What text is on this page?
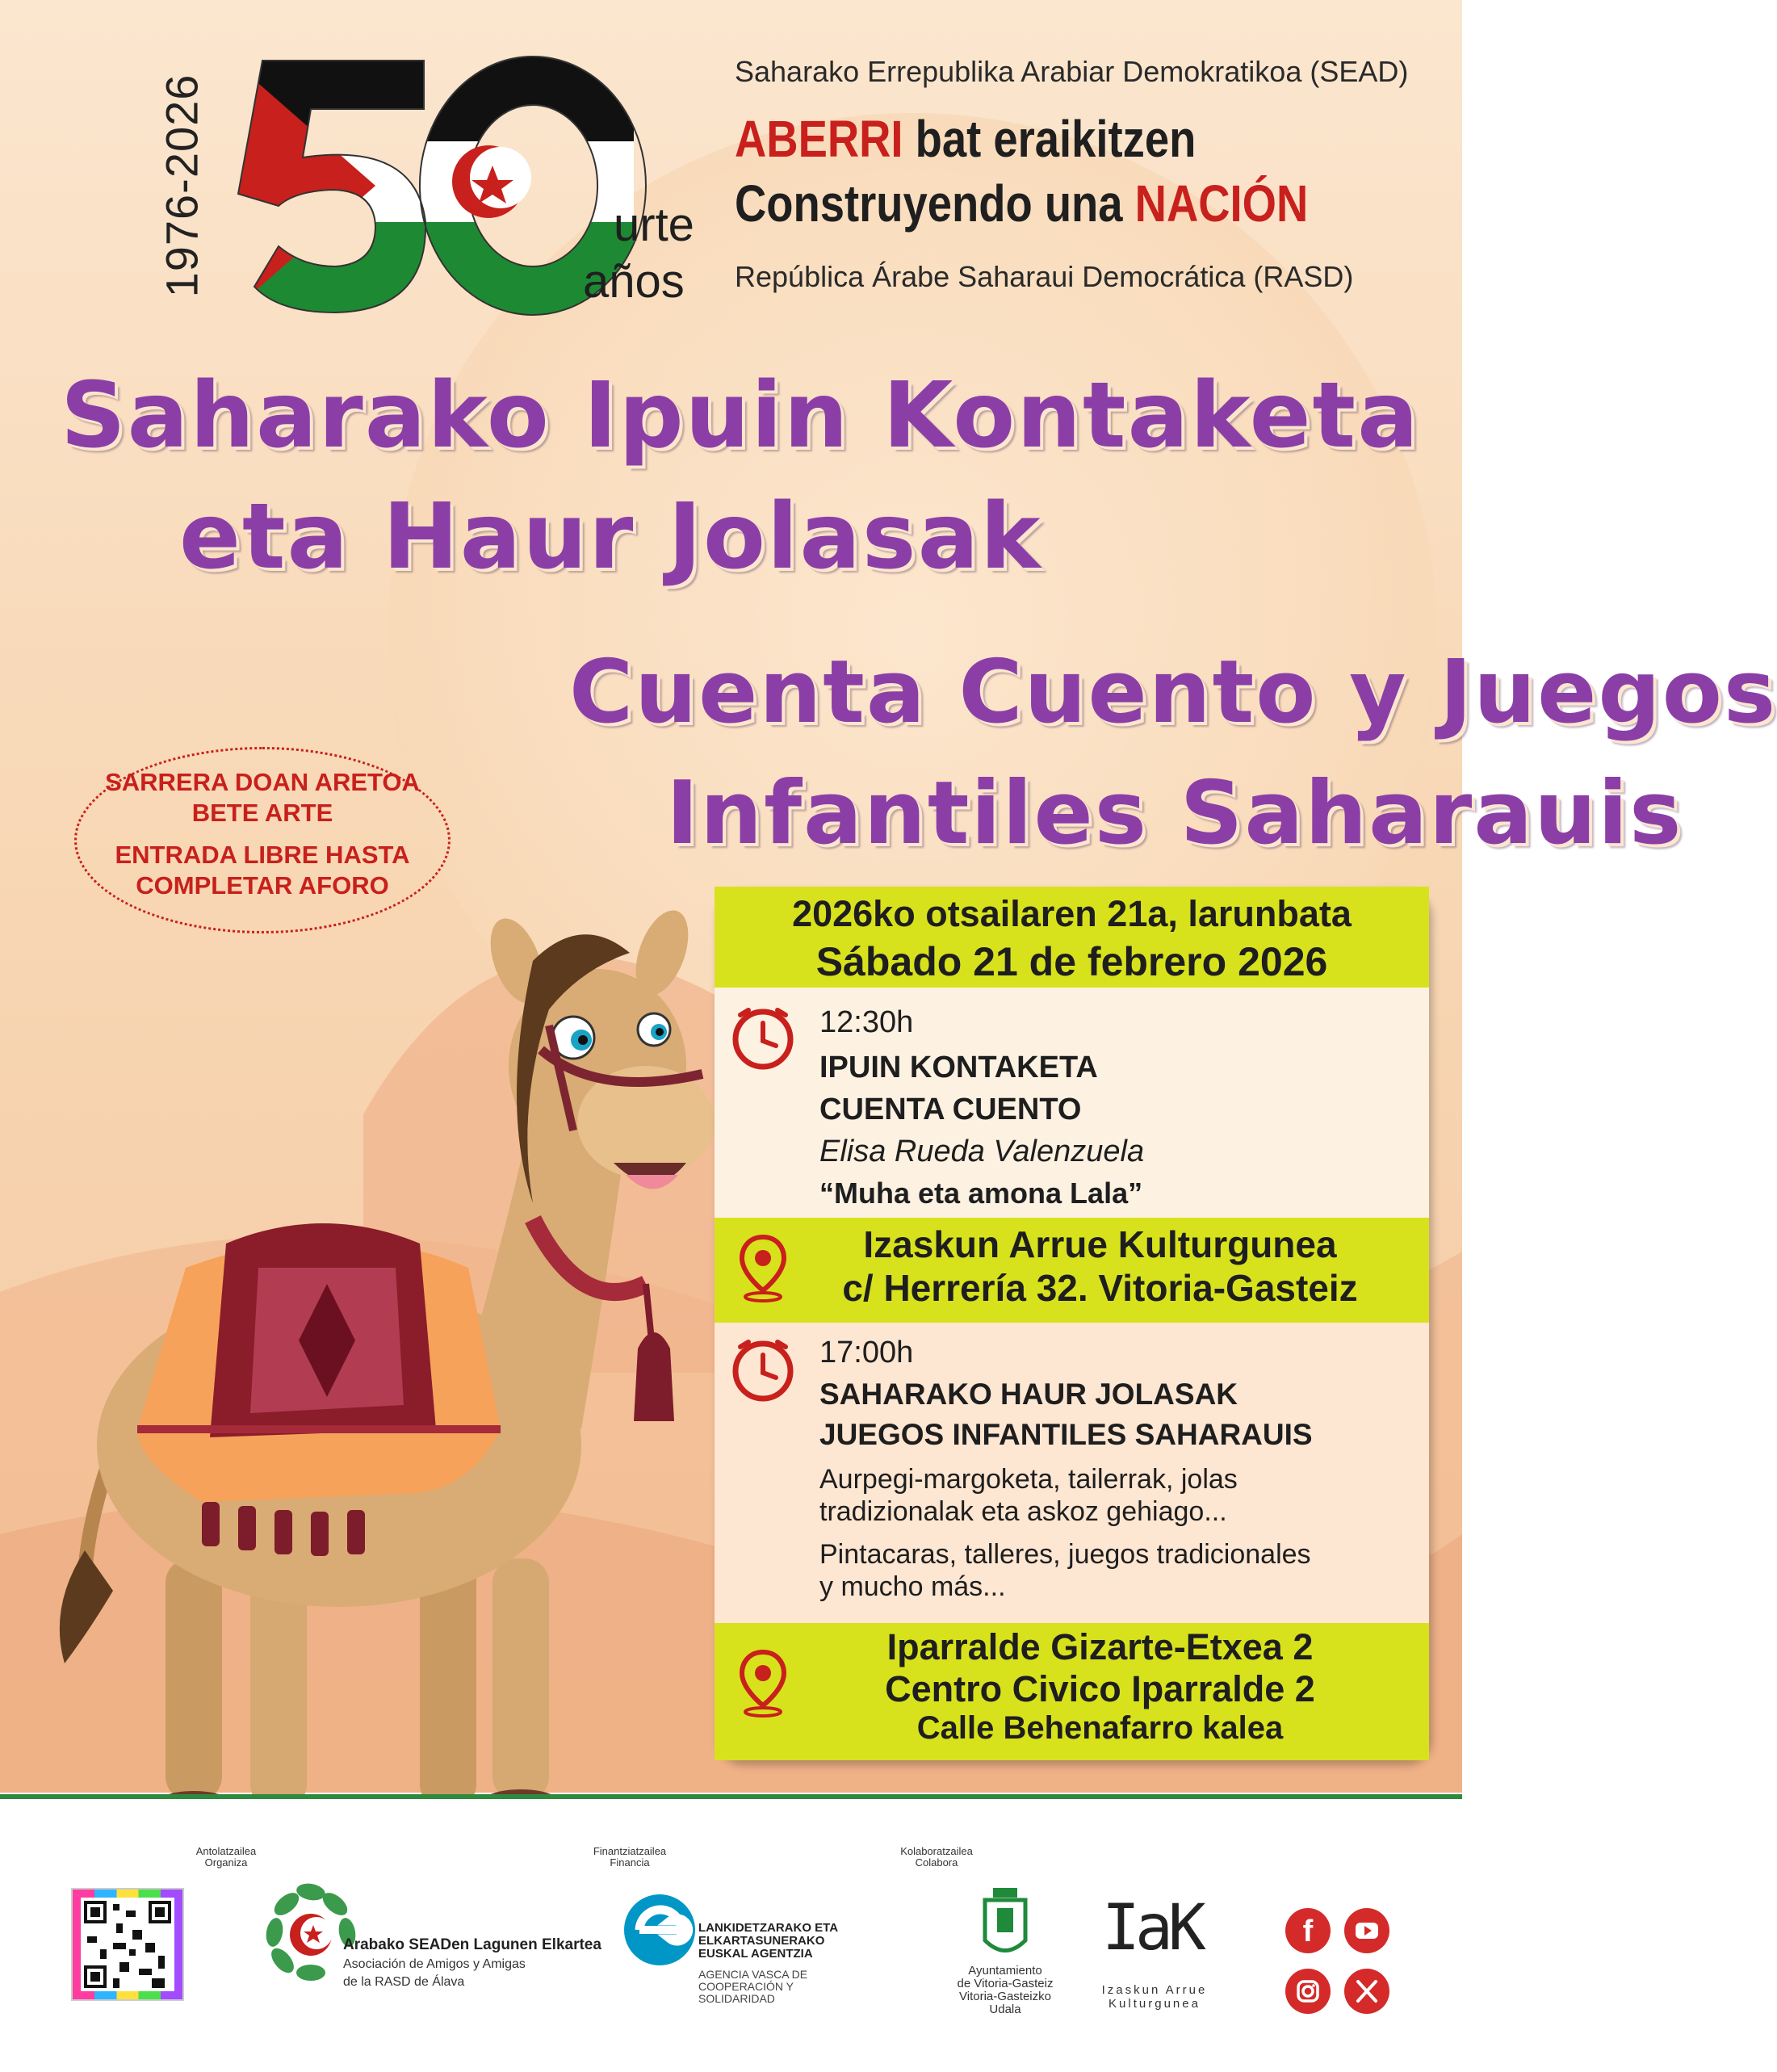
1976-2026	urte
años
Saharako Errepublika Arabiar Demokratikoa (SEAD)
ABERRI bat eraikitzen
Construyendo una NACIÓN
República Árabe Saharaui Democrática (RASD)
Saharako Ipuin Kontaketa
eta Haur Jolasak
Cuenta Cuento y Juegos
Infantiles Saharauis

SARRERA DOAN ARETOA

BETE ARTE

ENTRADA LIBRE HASTA

COMPLETAR AFORO

2026ko otsailaren 21a, larunbata
Sábado 21 de febrero 2026
12:30h
IPUIN KONTAKETA
CUENTA CUENTO
Elisa Rueda Valenzuela
“Muha eta amona Lala”
Izaskun Arrue Kulturgunea
c/ Herrería 32. Vitoria-Gasteiz
17:00h
SAHARAKO HAUR JOLASAK
JUEGOS INFANTILES SAHARAUIS
Aurpegi-margoketa, tailerrak, jolas
tradizionalak eta askoz gehiago...
Pintacaras, talleres, juegos tradicionales
y mucho más...
Iparralde Gizarte-Etxea 2
Centro Civico Iparralde 2
Calle Behenafarro kalea
Antolatzailea
Organiza
Arabako SEADen Lagunen Elkartea
Asociación de Amigos y Amigas
de la RASD de Álava
Finantziatzailea
Financia
LANKIDETZARAKO ETA
ELKARTASUNERAKO
EUSKAL AGENTZIA
AGENCIA VASCA DE
COOPERACIÓN Y
SOLIDARIDAD
Kolaboratzailea
Colabora
Ayuntamiento
de Vitoria-Gasteiz
Vitoria-Gasteizko
Udala
IaK
Izaskun Arrue
Kulturgunea
f
